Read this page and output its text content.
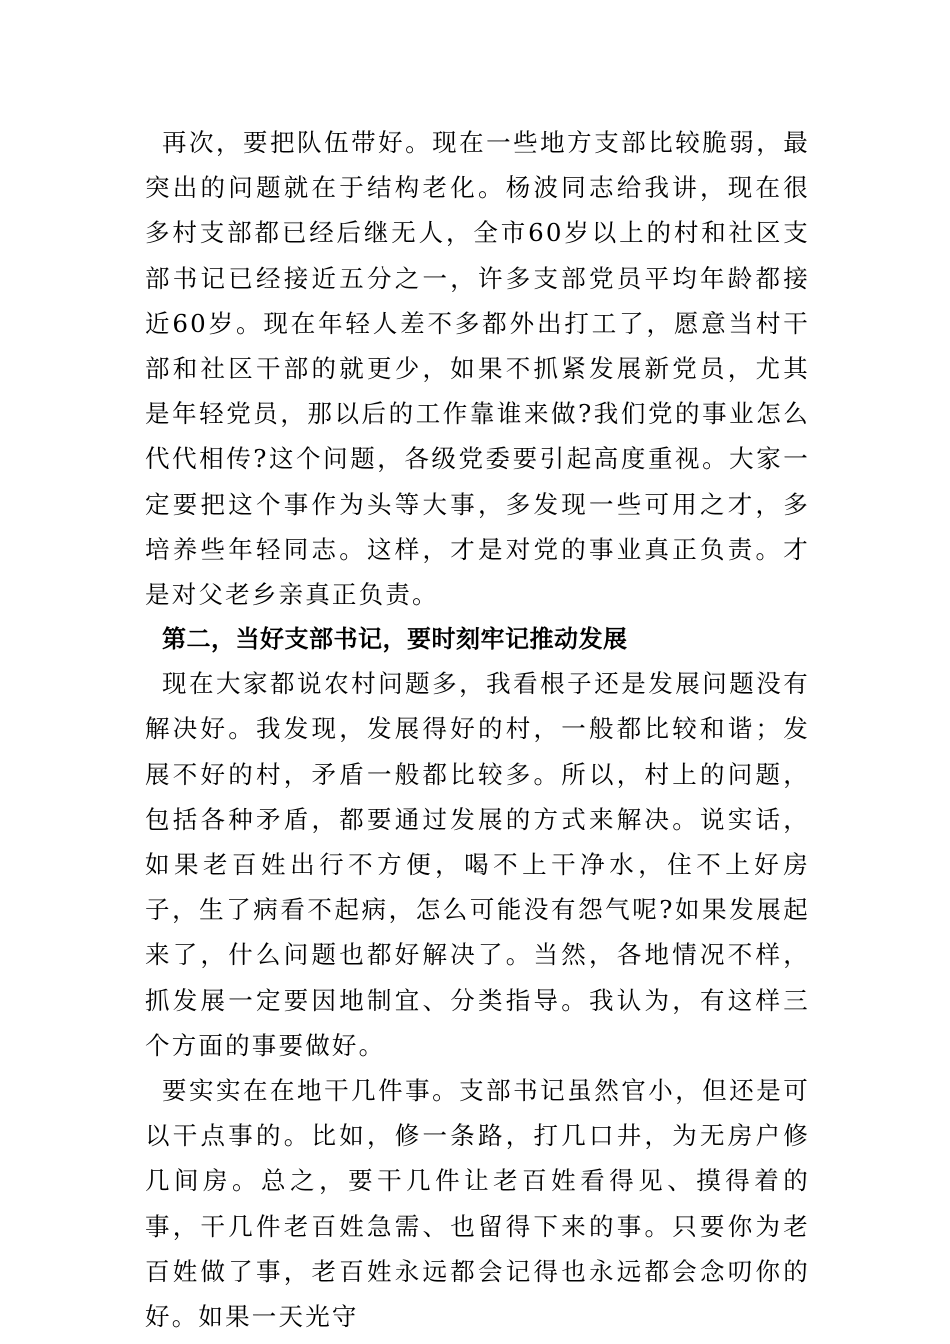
再次，要把队伍带好。现在一些地方支部比较脆弱，最突出的问题就在于结构老化。杨波同志给我讲，现在很多村支部都已经后继无人，全市60岁以上的村和社区支部书记已经接近五分之一，许多支部党员平均年龄都接近60岁。现在年轻人差不多都外出打工了，愿意当村干部和社区干部的就更少，如果不抓紧发展新党员，尤其是年轻党员，那以后的工作靠谁来做?我们党的事业怎么代代相传?这个问题，各级党委要引起高度重视。大家一定要把这个事作为头等大事，多发现一些可用之才，多培养些年轻同志。这样，才是对党的事业真正负责。才是对父老乡亲真正负责。

第二，当好支部书记，要时刻牢记推动发展

现在大家都说农村问题多，我看根子还是发展问题没有解决好。我发现，发展得好的村，一般都比较和谐；发展不好的村，矛盾一般都比较多。所以，村上的问题，包括各种矛盾，都要通过发展的方式来解决。说实话，如果老百姓出行不方便，喝不上干净水，住不上好房子，生了病看不起病，怎么可能没有怨气呢?如果发展起来了，什么问题也都好解决了。当然，各地情况不样，抓发展一定要因地制宜、分类指导。我认为，有这样三个方面的事要做好。

要实实在在地干几件事。支部书记虽然官小，但还是可以干点事的。比如，修一条路，打几口井，为无房户修几间房。总之，要干几件让老百姓看得见、摸得着的事，干几件老百姓急需、也留得下来的事。只要你为老百姓做了事，老百姓永远都会记得也永远都会念叨你的好。如果一天光守
